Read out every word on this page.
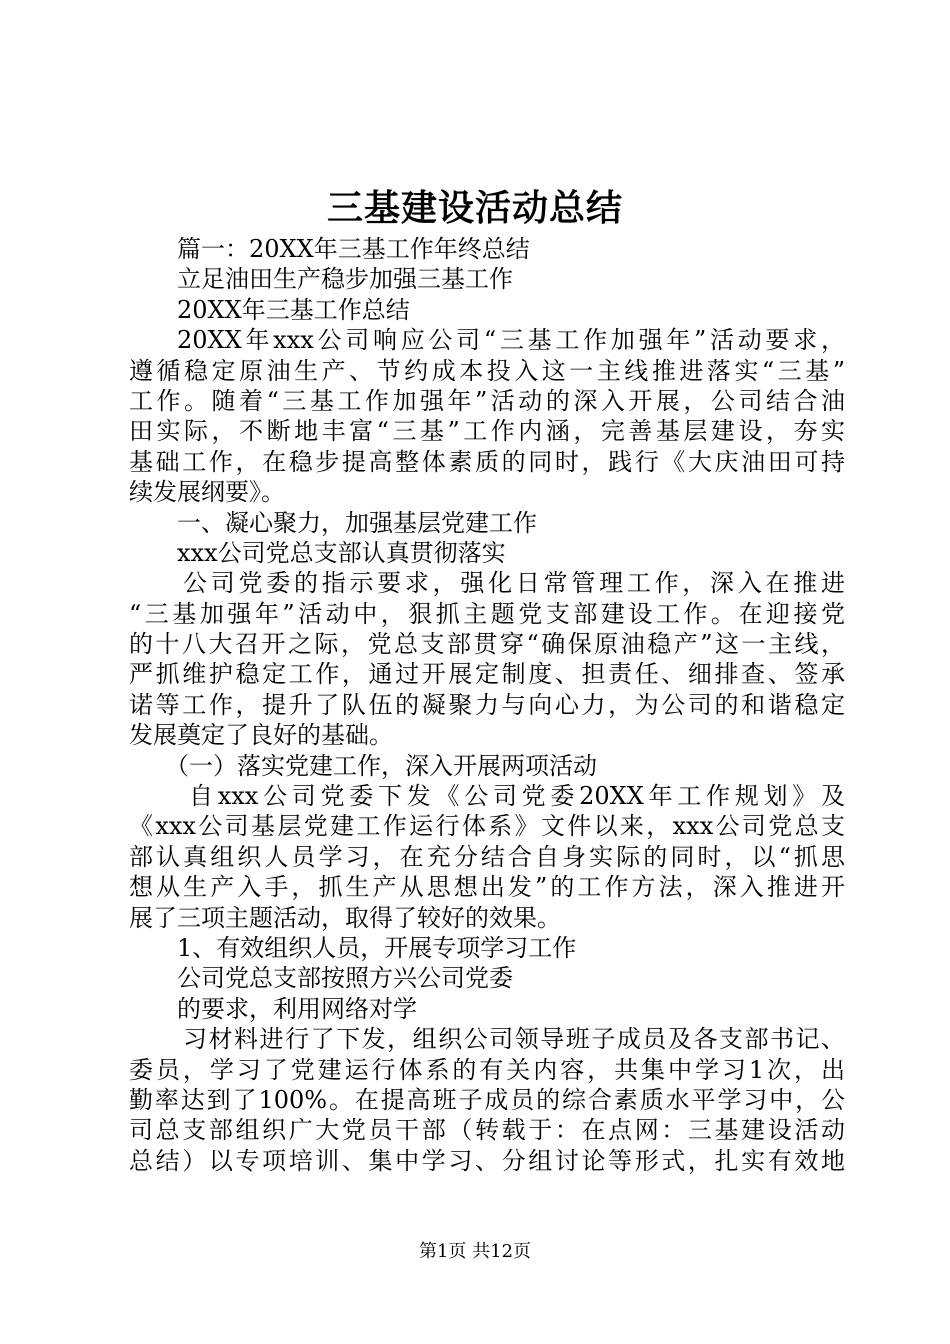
三基建设活动总结
篇一：20XX年三基工作年终总结
立足油田生产稳步加强三基工作
20XX年三基工作总结
20XX年xxx公司响应公司“三基工作加强年”活动要求，
遵循稳定原油生产、节约成本投入这一主线推进落实“三基”
工作。随着“三基工作加强年”活动的深入开展，公司结合油
田实际，不断地丰富“三基”工作内涵，完善基层建设，夯实
基础工作，在稳步提高整体素质的同时，践行《大庆油田可持
续发展纲要》。
一、凝心聚力，加强基层党建工作
xxx公司党总支部认真贯彻落实
公司党委的指示要求，强化日常管理工作，深入在推进
“三基加强年”活动中，狠抓主题党支部建设工作。在迎接党
的十八大召开之际，党总支部贯穿“确保原油稳产”这一主线，
严抓维护稳定工作，通过开展定制度、担责任、细排查、签承
诺等工作，提升了队伍的凝聚力与向心力，为公司的和谐稳定
发展奠定了良好的基础。
（一）落实党建工作，深入开展两项活动
自xxx公司党委下发《公司党委20XX年工作规划》及
《xxx公司基层党建工作运行体系》文件以来，xxx公司党总支
部认真组织人员学习，在充分结合自身实际的同时，以“抓思
想从生产入手，抓生产从思想出发”的工作方法，深入推进开
展了三项主题活动，取得了较好的效果。
1、有效组织人员，开展专项学习工作
公司党总支部按照方兴公司党委
的要求，利用网络对学
习材料进行了下发，组织公司领导班子成员及各支部书记、
委员，学习了党建运行体系的有关内容，共集中学习1次，出
勤率达到了100%。在提高班子成员的综合素质水平学习中，公
司总支部组织广大党员干部（转载于：在点网：三基建设活动
总结）以专项培训、集中学习、分组讨论等形式，扎实有效地
第1页 共12页
